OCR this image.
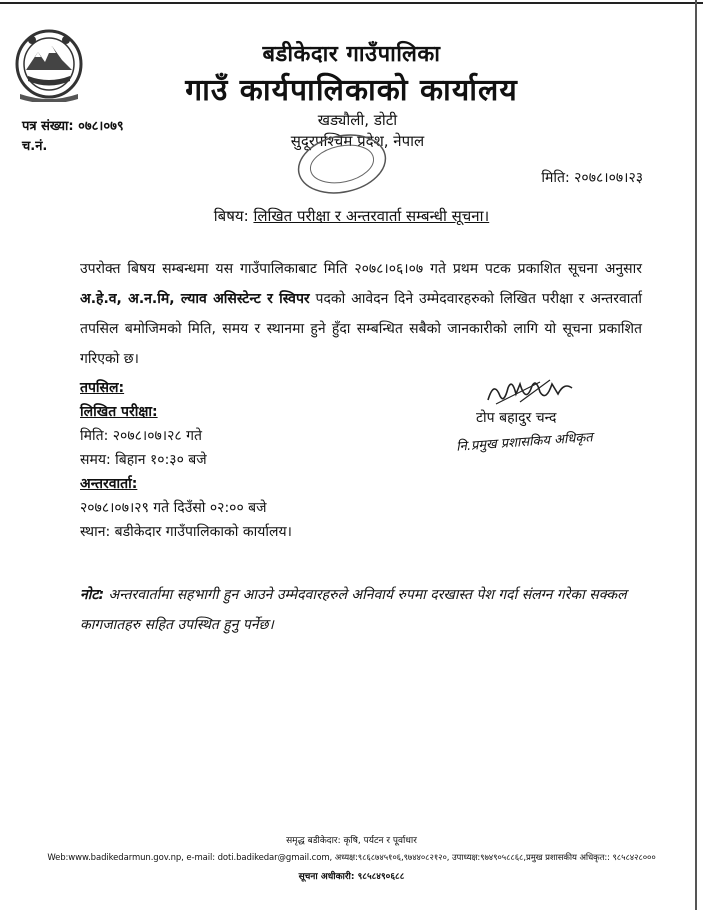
बडीकेदार गाउँपालिका
गाउँ कार्यपालिकाको कार्यालय
पत्र संख्या: ०७८।०७९
च.नं.
खड्यौली, डोटी
सुदूरपश्चिम प्रदेश, नेपाल
मिति: २०७८।०७।२३
बिषय: लिखित परीक्षा र अन्तरवार्ता सम्बन्धी सूचना।
उपरोक्त बिषय सम्बन्धमा यस गाउँपालिकाबाट मिति २०७८।०६।०७ गते प्रथम पटक प्रकाशित सूचना अनुसार अ.हे.व, अ.न.मि, ल्याव असिस्टेन्ट र स्विपर पदको आवेदन दिने उम्मेदवारहरुको लिखित परीक्षा र अन्तरवार्ता तपसिल बमोजिमको मिति, समय र स्थानमा हुने हुँदा सम्बन्धित सबैको जानकारीको लागि यो सूचना प्रकाशित गरिएको छ।
तपसिल:
लिखित परीक्षा:
मिति: २०७८।०७।२८ गते
समय: बिहान १०:३० बजे
अन्तरवार्ता:
२०७८।०७।२९ गते दिउँसो ०२:०० बजे
स्थान: बडीकेदार गाउँपालिकाको कार्यालय।
टोप बहादुर चन्द
नि.प्रमुख प्रशासकिय अधिकृत
नोट: अन्तरवार्तामा सहभागी हुन आउने उम्मेदवारहरुले अनिवार्य रुपमा दरखास्त पेश गर्दा संलग्न गरेका सक्कल कागजातहरु सहित उपस्थित हुनु पर्नेछ।
समृद्ध बडीकेदार: कृषि, पर्यटन र पूर्वाधार
Web:www.badikedarmun.gov.np, e-mail: doti.badikedar@gmail.com, अध्यक्ष:९८६८७४५१०६,९७४४०८२१२०, उपाध्यक्ष:९७४९०५८८६८,प्रमुख प्रशासकीय अधिकृत:: ९८५८४२८०००
सूचना अधीकारी: ९८५८४९०६८८
